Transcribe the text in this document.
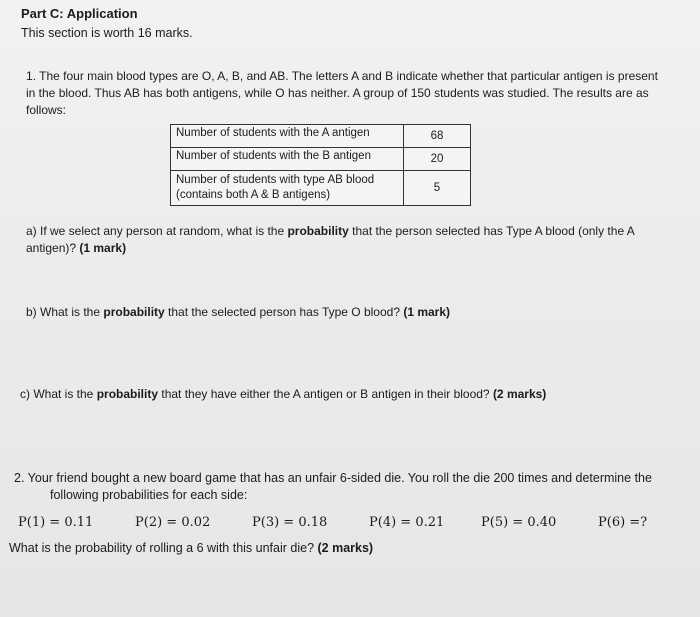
Part C: Application
This section is worth 16 marks.
1. The four main blood types are O, A, B, and AB. The letters A and B indicate whether that particular antigen is present
in the blood. Thus AB has both antigens, while O has neither. A group of 150 students was studied. The results are as
follows:
Number of students with the A antigen	68
Number of students with the B antigen	20
Number of students with type AB blood
(contains both A & B antigens)	5
a) If we select any person at random, what is the probability that the person selected has Type A blood (only the A
antigen)? (1 mark)
b) What is the probability that the selected person has Type O blood? (1 mark)
c) What is the probability that they have either the A antigen or B antigen in their blood? (2 marks)
2. Your friend bought a new board game that has an unfair 6-sided die. You roll the die 200 times and determine the
following probabilities for each side:
P(1) = 0.11	P(2) = 0.02	P(3) = 0.18	P(4) = 0.21	P(5) = 0.40	P(6) =?
What is the probability of rolling a 6 with this unfair die? (2 marks)
